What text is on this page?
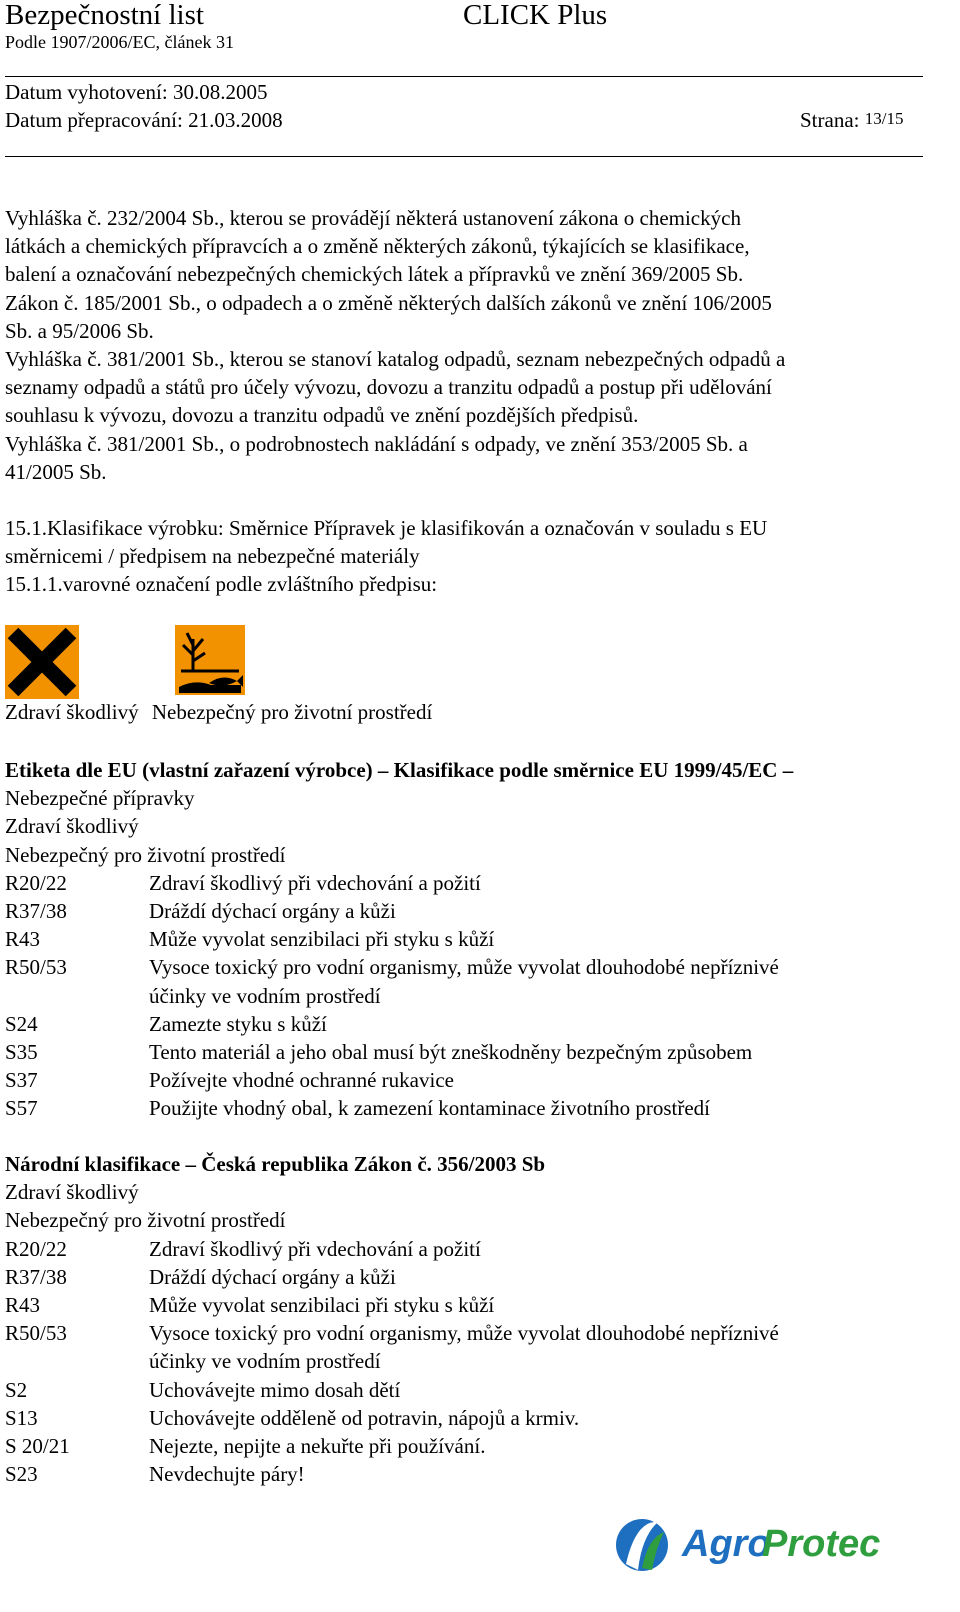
Bezpečnostní list	CLICK Plus
Podle 1907/2006/EC, článek 31
Datum vyhotovení: 30.08.2005
Datum přepracování: 21.03.2008	Strana: 13/15
Vyhláška č. 232/2004 Sb., kterou se provádějí některá ustanovení zákona o chemických
látkách a chemických přípravcích a o změně některých zákonů, týkajících se klasifikace,
balení a označování nebezpečných chemických látek a přípravků ve znění 369/2005 Sb.
Zákon č. 185/2001 Sb., o odpadech a o změně některých dalších zákonů ve znění 106/2005
Sb. a 95/2006 Sb.
Vyhláška č. 381/2001 Sb., kterou se stanoví katalog odpadů, seznam nebezpečných odpadů a
seznamy odpadů a států pro účely vývozu, dovozu a tranzitu odpadů a postup při udělování
souhlasu k vývozu, dovozu a tranzitu odpadů ve znění pozdějších předpisů.
Vyhláška č. 381/2001 Sb., o podrobnostech nakládání s odpady, ve znění 353/2005 Sb. a
41/2005 Sb.
15.1.Klasifikace výrobku: Směrnice Přípravek je klasifikován a označován v souladu s EU
směrnicemi / předpisem na nebezpečné materiály
15.1.1.varovné označení podle zvláštního předpisu:
Zdraví škodlivý Nebezpečný pro životní prostředí
Etiketa dle EU (vlastní zařazení výrobce) – Klasifikace podle směrnice EU 1999/45/EC –
Nebezpečné přípravky
Zdraví škodlivý
Nebezpečný pro životní prostředí
R20/22	Zdraví škodlivý při vdechování a požití
R37/38	Dráždí dýchací orgány a kůži
R43	Může vyvolat senzibilaci při styku s kůží
R50/53	Vysoce toxický pro vodní organismy, může vyvolat dlouhodobé nepříznivé
účinky ve vodním prostředí
S24	Zamezte styku s kůží
S35	Tento materiál a jeho obal musí být zneškodněny bezpečným způsobem
S37	Požívejte vhodné ochranné rukavice
S57	Použijte vhodný obal, k zamezení kontaminace životního prostředí
Národní klasifikace – Česká republika Zákon č. 356/2003 Sb
Zdraví škodlivý
Nebezpečný pro životní prostředí
R20/22	Zdraví škodlivý při vdechování a požití
R37/38	Dráždí dýchací orgány a kůži
R43	Může vyvolat senzibilaci při styku s kůží
R50/53	Vysoce toxický pro vodní organismy, může vyvolat dlouhodobé nepříznivé
účinky ve vodním prostředí
S2	Uchovávejte mimo dosah dětí
S13	Uchovávejte odděleně od potravin, nápojů a krmiv.
S 20/21	Nejezte, nepijte a nekuřte při používání.
S23	Nevdechujte páry!
Agro
Protec
